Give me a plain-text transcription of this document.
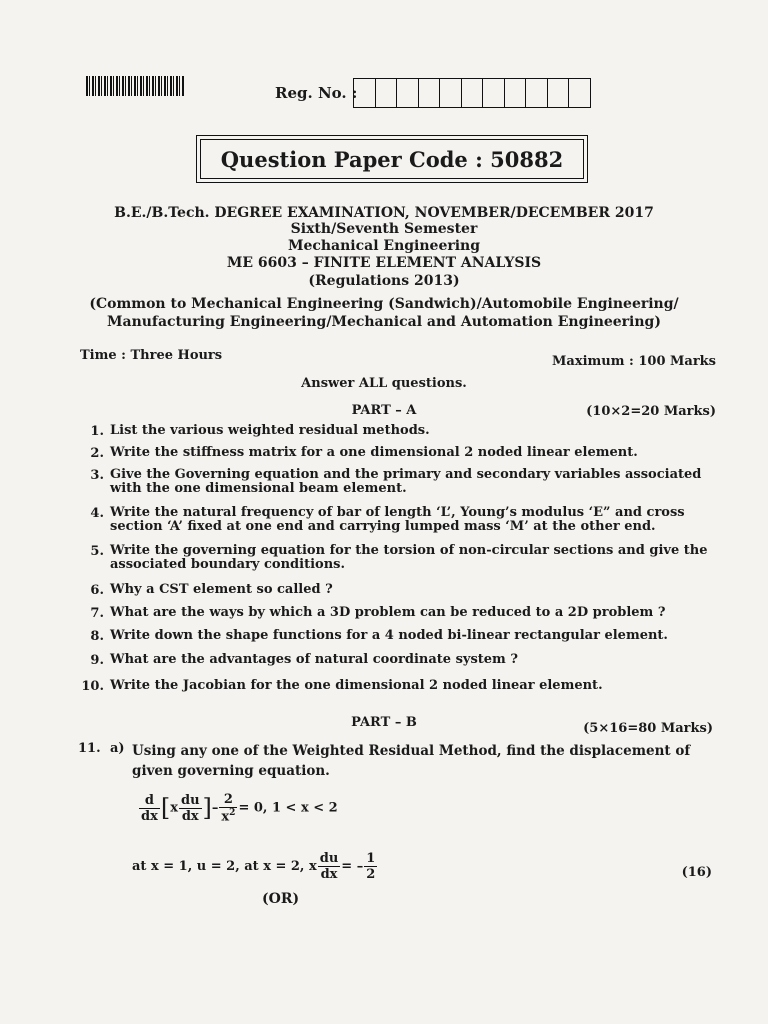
Reg. No. :
Question Paper Code : 50882
B.E./B.Tech. DEGREE EXAMINATION, NOVEMBER/DECEMBER 2017
Sixth/Seventh Semester
Mechanical Engineering
ME 6603 – FINITE ELEMENT ANALYSIS
(Regulations 2013)
(Common to Mechanical Engineering (Sandwich)/Automobile Engineering/
Manufacturing Engineering/Mechanical and Automation Engineering)
Time : Three Hours	Maximum : 100 Marks
Answer ALL questions.
PART – A	(10×2=20 Marks)
1. List the various weighted residual methods.
2. Write the stiffness matrix for a one dimensional 2 noded linear element.
3. Give the Governing equation and the primary and secondary variables associated with the one dimensional beam element.
4. Write the natural frequency of bar of length ‘L’, Young’s modulus ‘E” and cross section ‘A’ fixed at one end and carrying lumped mass ‘M’ at the other end.
5. Write the governing equation for the torsion of non-circular sections and give the associated boundary conditions.
6. Why a CST element so called ?
7. What are the ways by which a 3D problem can be reduced to a 2D problem ?
8. Write down the shape functions for a 4 noded bi-linear rectangular element.
9. What are the advantages of natural coordinate system ?
10. Write the Jacobian for the one dimensional 2 noded linear element.
PART – B	(5×16=80 Marks)
11. a) Using any one of the Weighted Residual Method, find the displacement of given governing equation.
$\frac{d}{dx} [x \frac{du}{dx}$ ]– $\frac{2}{x^2} = 0$, 1 < x < 2
at x = 1, u = 2, at x = 2, x $\frac{du}{dx}$ = – $\frac{1}{2}$	(16)
(OR)
